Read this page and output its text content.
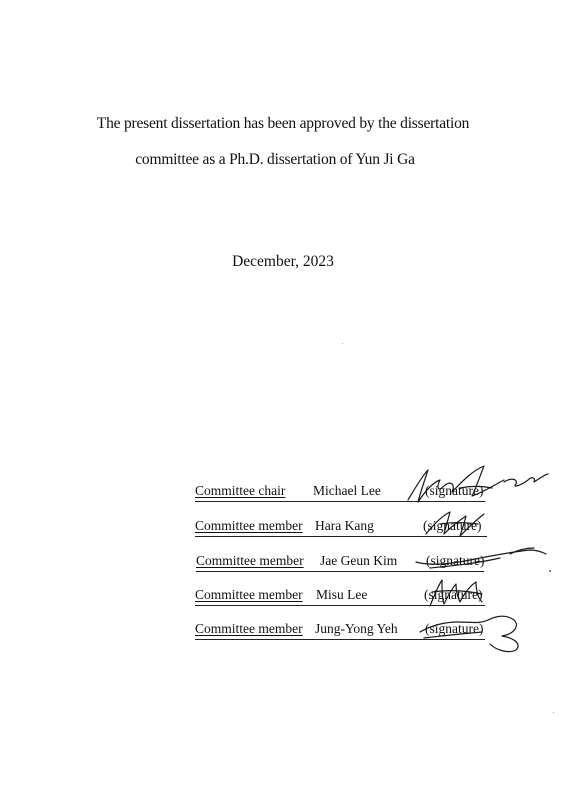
The present dissertation has been approved by the dissertation
committee as a Ph.D. dissertation of Yun Ji Ga
December, 2023
Committee chair Michael Lee	(signature)
Committee member Hara Kang	(signature)
Committee member Jae Geun Kim (signature)
Committee member Misu Lee	(signature)
Committee member Jung-Yong Yeh (signature)
